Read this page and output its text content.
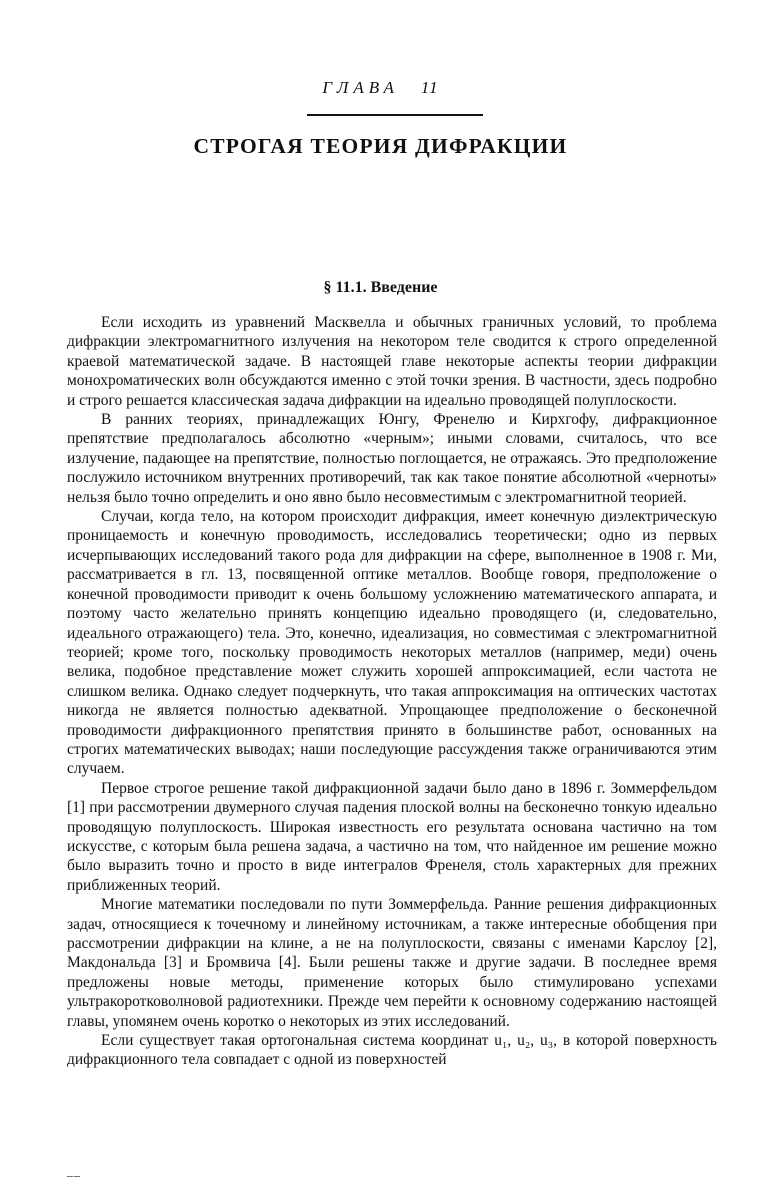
ГЛАВА 11
СТРОГАЯ ТЕОРИЯ ДИФРАКЦИИ
§ 11.1. Введение

Если исходить из уравнений Масквелла и обычных граничных условий, то проблема дифракции электромагнитного излучения на некотором теле сводится к строго определенной краевой математической задаче. В настоящей главе некоторые аспекты теории дифракции монохроматических волн обсуждаются именно с этой точки зрения. В частности, здесь подробно и строго решается классическая задача дифракции на идеально проводящей полуплоскости.

В ранних теориях, принадлежащих Юнгу, Френелю и Кирхгофу, дифракционное препятствие предполагалось абсолютно «черным»; иными словами, считалось, что все излучение, падающее на препятствие, полностью поглощается, не отражаясь. Это предположение послужило источником внутренних противоречий, так как такое понятие абсолютной «черноты» нельзя было точно определить и оно явно было несовместимым с электромагнитной теорией.

Случаи, когда тело, на котором происходит дифракция, имеет конечную диэлектрическую проницаемость и конечную проводимость, исследовались теоретически; одно из первых исчерпывающих исследований такого рода для дифракции на сфере, выполненное в 1908 г. Ми, рассматривается в гл. 13, посвященной оптике металлов. Вообще говоря, предположение о конечной проводимости приводит к очень большому усложнению математического аппарата, и поэтому часто желательно принять концепцию идеально проводящего (и, следовательно, идеального отражающего) тела. Это, конечно, идеализация, но совместимая с электромагнитной теорией; кроме того, поскольку проводимость некоторых металлов (например, меди) очень велика, подобное представление может служить хорошей аппроксимацией, если частота не слишком велика. Однако следует подчеркнуть, что такая аппроксимация на оптических частотах никогда не является полностью адекватной. Упрощающее предположение о бесконечной проводимости дифракционного препятствия принято в большинстве работ, основанных на строгих математических выводах; наши последующие рассуждения также ограничиваются этим случаем.

Первое строгое решение такой дифракционной задачи было дано в 1896 г. Зоммерфельдом [1] при рассмотрении двумерного случая падения плоской волны на бесконечно тонкую идеально проводящую полуплоскость. Широкая известность его результата основана частично на том искусстве, с которым была решена задача, а частично на том, что найденное им решение можно было выразить точно и просто в виде интегралов Френеля, столь характерных для прежних приближенных теорий.

Многие математики последовали по пути Зоммерфельда. Ранние решения дифракционных задач, относящиеся к точечному и линейному источникам, а также интересные обобщения при рассмотрении дифракции на клине, а не на полуплоскости, связаны с именами Карслоу [2], Макдональда [3] и Бромвича [4]. Были решены также и другие задачи. В последнее время предложены новые методы, применение которых было стимулировано успехами ультракоротковолновой радиотехники. Прежде чем перейти к основному содержанию настоящей главы, упомянем очень коротко о некоторых из этих исследований.

Если существует такая ортогональная система координат u₁, u₂, u₃, в которой поверхность дифракционного тела совпадает с одной из поверхностей

––
